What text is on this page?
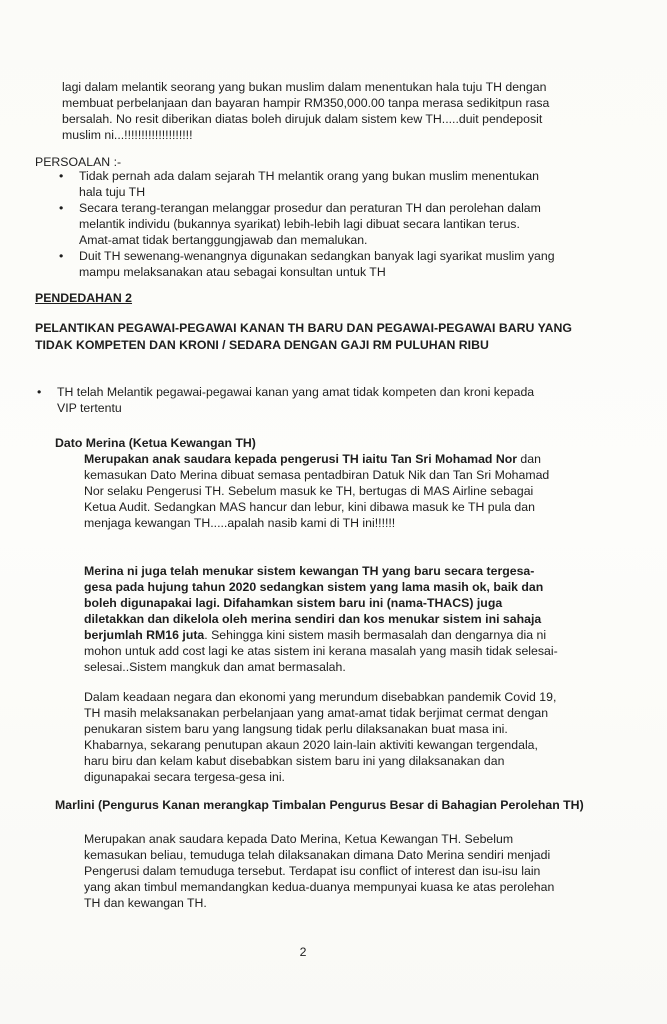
lagi dalam melantik seorang yang bukan muslim dalam menentukan hala tuju TH dengan membuat perbelanjaan dan bayaran hampir RM350,000.00 tanpa merasa sedikitpun rasa bersalah. No resit diberikan diatas boleh dirujuk dalam sistem kew TH.....duit pendeposit muslim ni...!!!!!!!!!!!!!!!!!!!!

PERSOALAN :-
• Tidak pernah ada dalam sejarah TH melantik orang yang bukan muslim menentukan hala tuju TH
• Secara terang-terangan melanggar prosedur dan peraturan TH dan perolehan dalam melantik individu (bukannya syarikat) lebih-lebih lagi dibuat secara lantikan terus. Amat-amat tidak bertanggungjawab dan memalukan.
• Duit TH sewenang-wenangnya digunakan sedangkan banyak lagi syarikat muslim yang mampu melaksanakan atau sebagai konsultan untuk TH
PENDEDAHAN 2
PELANTIKAN PEGAWAI-PEGAWAI KANAN TH BARU DAN PEGAWAI-PEGAWAI BARU YANG TIDAK KOMPETEN DAN KRONI / SEDARA DENGAN GAJI RM PULUHAN RIBU
• TH telah Melantik pegawai-pegawai kanan yang amat tidak kompeten dan kroni kepada VIP tertentu
Dato Merina (Ketua Kewangan TH)

Merupakan anak saudara kepada pengerusi TH iaitu Tan Sri Mohamad Nor dan kemasukan Dato Merina dibuat semasa pentadbiran Datuk Nik dan Tan Sri Mohamad Nor selaku Pengerusi TH. Sebelum masuk ke TH, bertugas di MAS Airline sebagai Ketua Audit. Sedangkan MAS hancur dan lebur, kini dibawa masuk ke TH pula dan menjaga kewangan TH.....apalah nasib kami di TH ini!!!!!!

Merina ni juga telah menukar sistem kewangan TH yang baru secara tergesa-gesa pada hujung tahun 2020 sedangkan sistem yang lama masih ok, baik dan boleh digunapakai lagi. Difahamkan sistem baru ini (nama-THACS) juga diletakkan dan dikelola oleh merina sendiri dan kos menukar sistem ini sahaja berjumlah RM16 juta. Sehingga kini sistem masih bermasalah dan dengarnya dia ni mohon untuk add cost lagi ke atas sistem ini kerana masalah yang masih tidak selesai-selesai..Sistem mangkuk dan amat bermasalah.

Dalam keadaan negara dan ekonomi yang merundum disebabkan pandemik Covid 19, TH masih melaksanakan perbelanjaan yang amat-amat tidak berjimat cermat dengan penukaran sistem baru yang langsung tidak perlu dilaksanakan buat masa ini. Khabarnya, sekarang penutupan akaun 2020 lain-lain aktiviti kewangan tergendala, haru biru dan kelam kabut disebabkan sistem baru ini yang dilaksanakan dan digunapakai secara tergesa-gesa ini.

Marlini (Pengurus Kanan merangkap Timbalan Pengurus Besar di Bahagian Perolehan TH)

Merupakan anak saudara kepada Dato Merina, Ketua Kewangan TH. Sebelum kemasukan beliau, temuduga telah dilaksanakan dimana Dato Merina sendiri menjadi Pengerusi dalam temuduga tersebut. Terdapat isu conflict of interest dan isu-isu lain yang akan timbul memandangkan kedua-duanya mempunyai kuasa ke atas perolehan TH dan kewangan TH.

2
